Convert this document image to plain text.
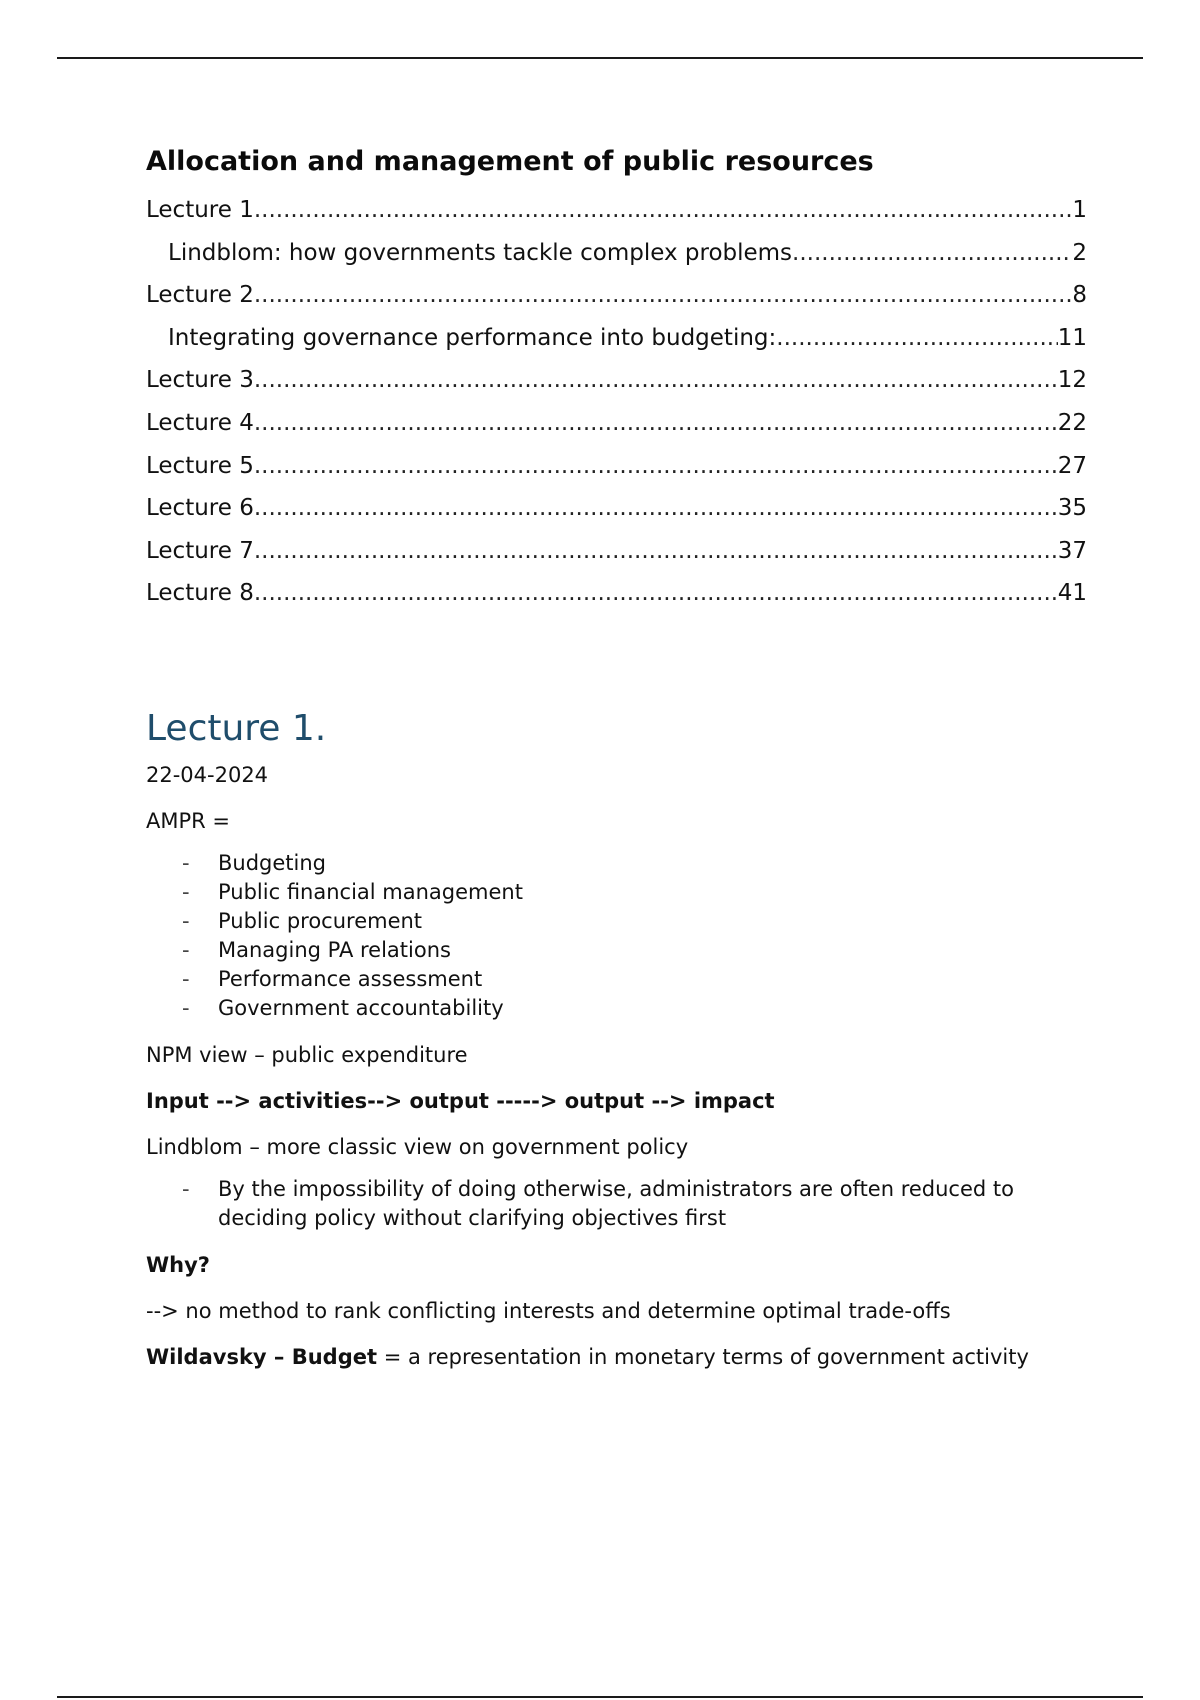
Allocation and management of public resources
Lecture 1 .....	1
Lindblom: how governments tackle complex problems .....	2
Lecture 2 .....	8
Integrating governance performance into budgeting: .....	11
Lecture 3 .....	12
Lecture 4 .....	22
Lecture 5 .....	27
Lecture 6 .....	35
Lecture 7 .....	37
Lecture 8 .....	41
Lecture 1.

22-04-2024

AMPR =

-	Budgeting
-	Public financial management
-	Public procurement
-	Managing PA relations
-	Performance assessment
-	Government accountability

NPM view – public expenditure

Input --> activities--> output -----> output --> impact

Lindblom – more classic view on government policy

-	By the impossibility of doing otherwise, administrators are often reduced to deciding policy without clarifying objectives first

Why?

--> no method to rank conflicting interests and determine optimal trade-offs

Wildavsky – Budget = a representation in monetary terms of government activity
